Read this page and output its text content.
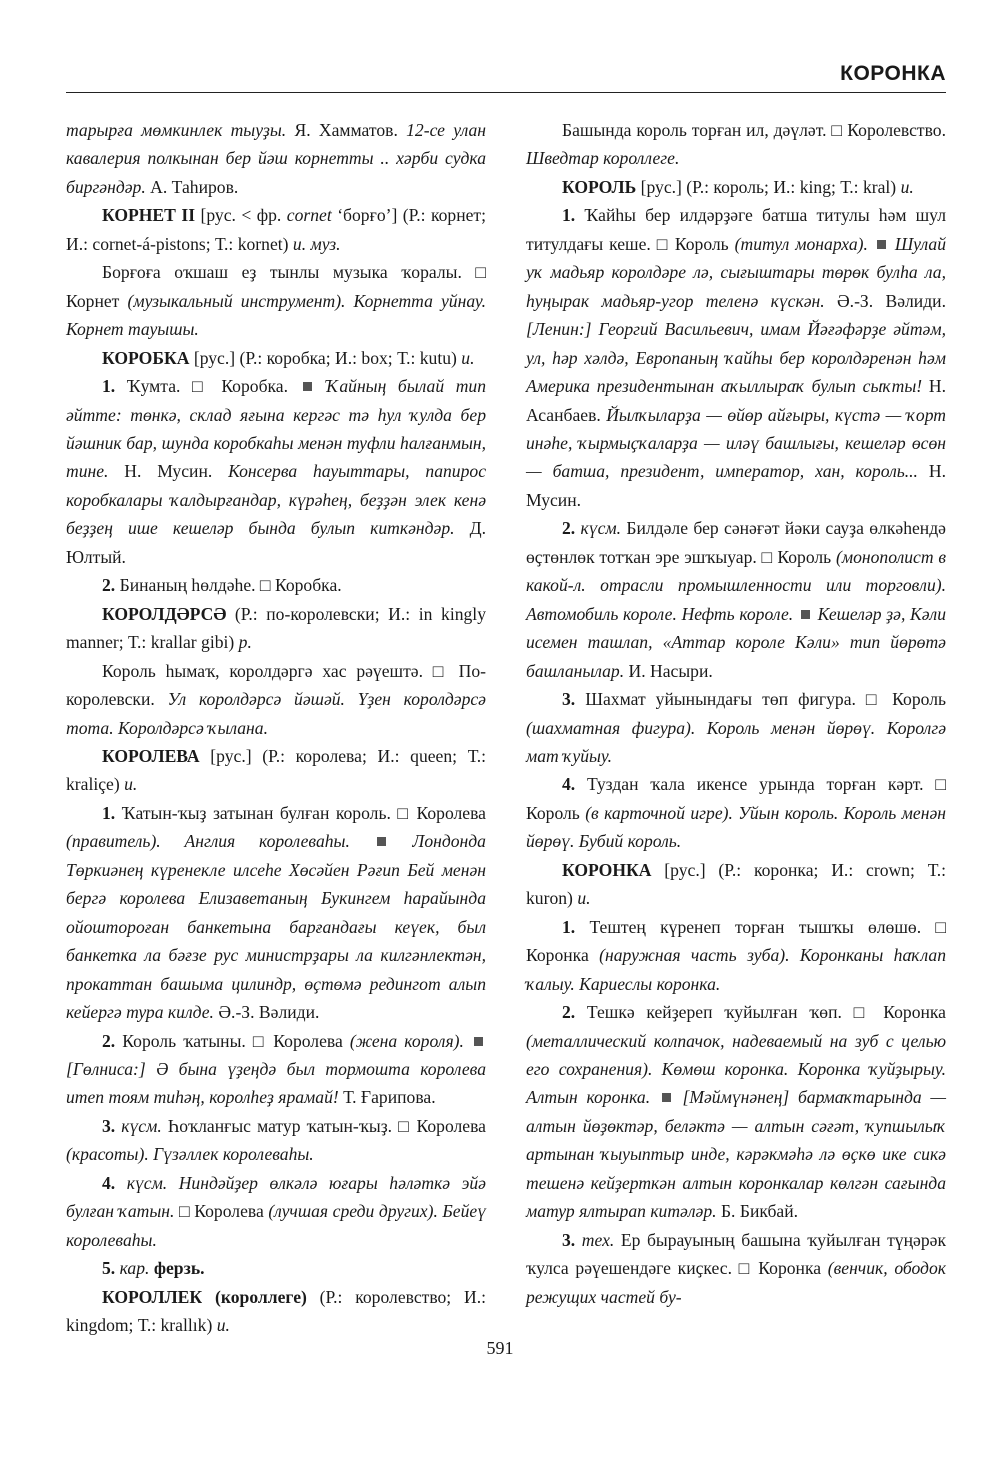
КОРОНКА

тарырға мөмкинлек тыуҙы. Я. Хамматов. 12-се улан кавалерия полкынан бер йәш корнетты .. хәрби судка биргәндәр. А. Таһиров.

КОРНЕТ II [рус. < фр. cornet ‘борғо’] (Р.: корнет; И.: cornet-á-pistons; Т.: kornet) и. муз.

Борғоға оҡшаш еҙ тынлы музыка ҡоралы. □ Корнет (музыкальный инструмент). Корнетта уйнау. Корнет тауышы.

КОРОБКА [рус.] (Р.: коробка; И.: box; Т.: kutu) и.

1. Ҡумта. □ Коробка.  Ҡайның былай тип әйтте: төнкә, склад яғына кергәс тә һул ҡулда бер йәшник бар, шунда коробкаһы менән туфли һалғанмын, тине. Н. Мусин. Консерва һауыттары, папирос коробкалары ҡалдырғандар, күрәһең, беҙҙән элек кенә беҙҙең ише кешеләр бында булып киткәндәр. Д. Юлтый.

2. Бинаның һөлдәһе. □ Коробка.

КОРОЛДӘРСӘ (Р.: по-королевски; И.: in kingly manner; Т.: krallar gibi) р.

Король һымаҡ, королдәргә хас рәүештә. □ По-королевски. Ул королдәрсә йәшәй. Үҙен королдәрсә тота. Королдәрсә ҡылана.

КОРОЛЕВА [рус.] (Р.: королева; И.: queen; Т.: kraliçe) и.

1. Ҡатын-ҡыҙ затынан булған король. □ Королева (правитель). Англия королеваһы.	Лондонда Төркиәнең күренекле илсеһе Хөсәйен Рәғип Бей менән бергә королева Елизаветаның Букингем һарайында ойоштороған банкетына барғандағы кеүек, был банкетка ла бәғзе рус министрҙары ла килгәнлектән, прокаттан башыма цилиндр, өҫтөмә редингот алып кейергә тура килде. Ә.-З. Вәлиди.

2. Король ҡатыны. □ Королева (жена короля).  [Гөлниса:] Ә бына үҙеңдә был тормошта королева итеп тоям тиһәң, королһеҙ ярамай! Т. Ғарипова.

3. күсм. Һоҡланғыс матур ҡатын-ҡыҙ. □ Королева (красоты). Гүзәллек королеваһы.

4. күсм. Ниндәйҙер өлкәлә юғары һәләткә эйә булған ҡатын. □ Королева (лучшая среди других). Бейеү королеваһы.

5. кар. ферзь.

КОРОЛЛЕК (короллеге) (Р.: королевство; И.: kingdom; Т.: krallık) и.

Башында король торған ил, дәүләт. □ Королевство. Шведтар короллеге.

КОРОЛЬ [рус.] (Р.: король; И.: king; Т.: kral) и.

1. Ҡайһы бер илдәрҙәге батша титулы һәм шул титулдағы кеше. □ Король (титул монарха). Шулай уҡ мадьяр королдәре лә, сығыштары төрөк булһа ла, һуңырак мадьяр-угор теленә күскән. Ә.-З. Вәлиди. [Ленин:] Георгий Васильевич, имам Йәғәфәрҙе әйтәм, ул, һәр хәлдә, Европаның ҡайһы бер королдәренән һәм Америка президентынан аҡыллыраҡ булып сыҡты! Н. Асанбаев. Йылҡыларҙа — өйөр айғыры, күстә — ҡорт инәһе, ҡырмыҫҡаларҙа — иләү башлығы, кешеләр өсөн — батша, президент, император, хан, король... Н. Мусин.

2. күсм. Билдәле бер сәнәғәт йәки сауҙа өлкәһендә өҫтөнлөк тотҡан эре эшҡыуар. □ Король (монополист в какой-л. отрасли промышленности или торговли). Автомобиль короле. Нефть короле. Кешеләр ҙә, Кәли исемен ташлап, «Аттар короле Кәли» тип йөрөтә башланылар. И. Насыри.

3. Шахмат уйынындағы төп фигура. □ Король (шахматная фигура). Король менән йөрөү. Королгә мат ҡуйыу.

4. Туздан ҡала икенсе урында торған кәрт. □ Король (в карточной игре). Уйын король. Король менән йөрөү. Бубий король.

КОРОНКА [рус.] (Р.: коронка; И.: crown; Т.: kuron) и.

1. Тештең күренеп торған тышҡы өлөшө. □ Коронка (наружная часть зуба). Коронканы һаҡлап ҡалыу. Кариеслы коронка.

2. Тешкә кейҙереп ҡуйылған ҡөп. □ Коронка (металлический колпачок, надеваемый на зуб с целью его сохранения). Көмөш коронка. Коронка ҡуйҙырыу. Алтын коронка. [Мәймүнәнең] бармаҡтарында — алтын йөҙөктәр, беләктә — алтын сәғәт, ҡупшылыҡ артынан ҡыуыптыр инде, кәрәкмәһә лә өҫкө ике сикә тешенә кейҙерткән алтын коронкалар көлгән сағында матур ялтырап китәләр. Б. Бикбай.

3. тех. Ер бырауының башына ҡуйылған түңәрәк ҡулса рәүешендәге киҫкес. □ Коронка (венчик, ободок режущих частей бу-

591
